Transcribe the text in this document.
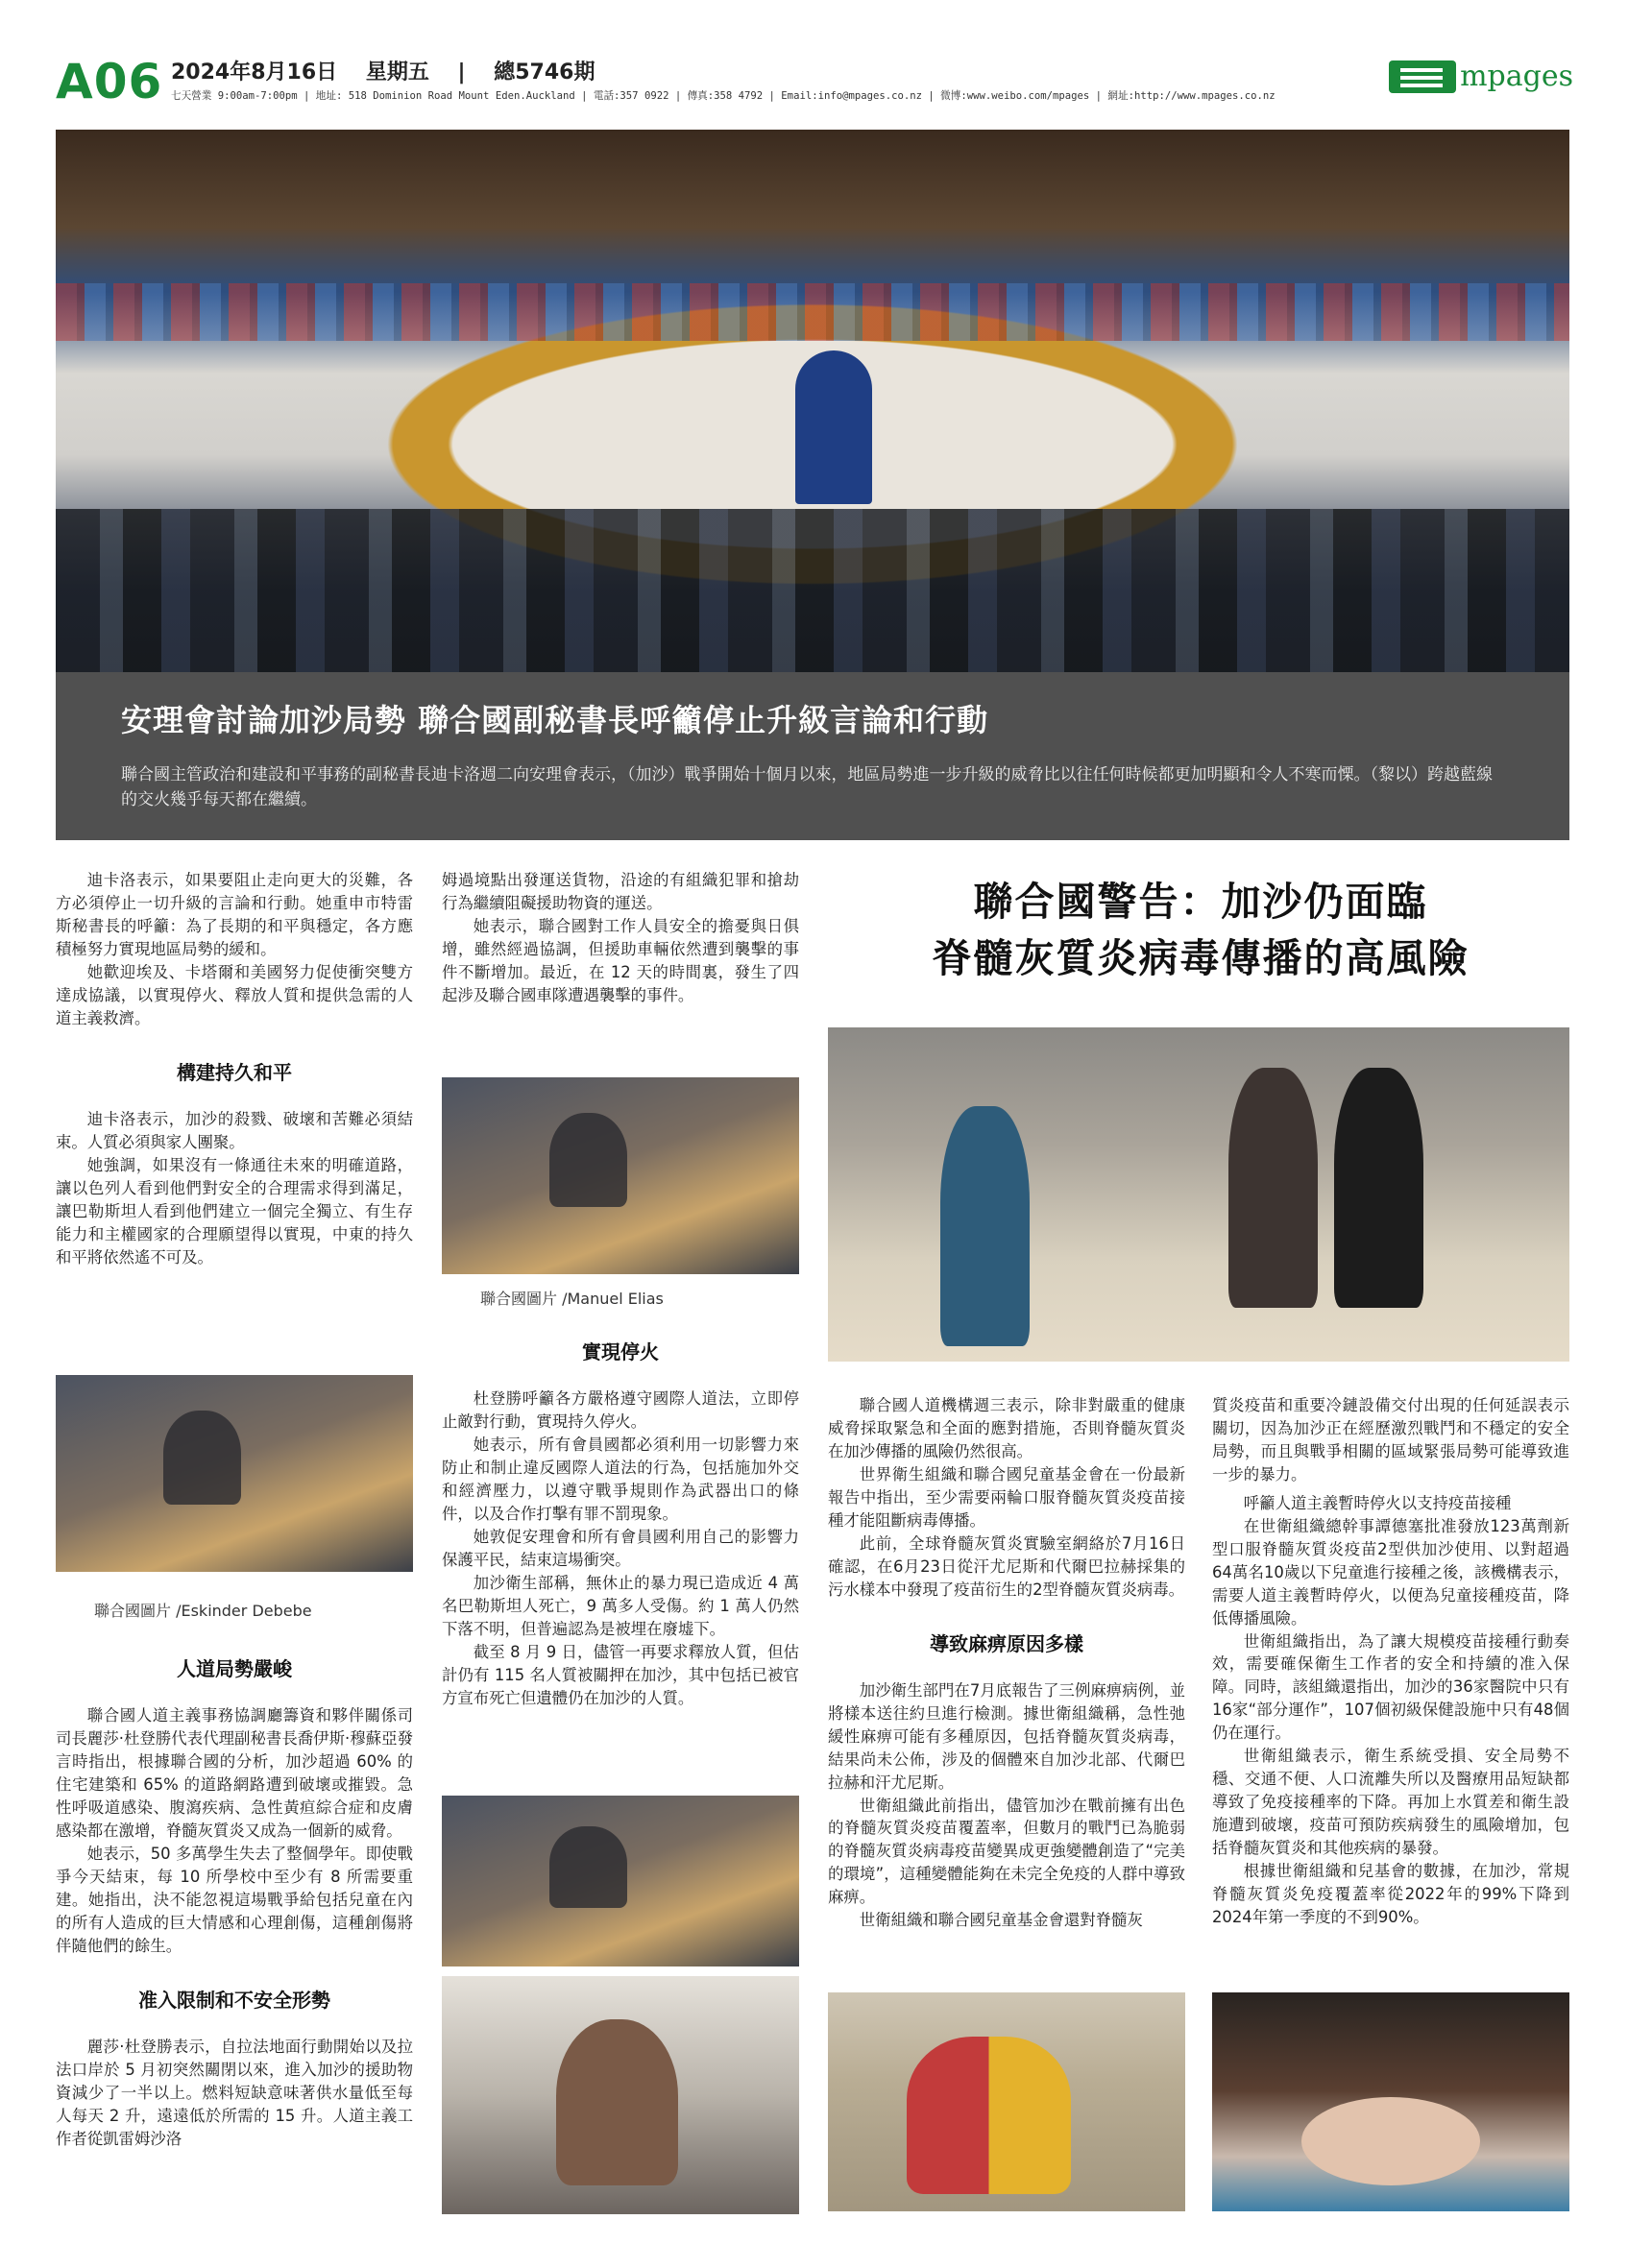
A06 2024年8月16日 星期五 | 總5746期
七天營業 9:00am-7:00pm | 地址: 518 Dominion Road Mount Eden.Auckland | 電話:357 0922 | 傳真:358 4792 | Email:info@mpages.co.nz | 微博:www.weibo.com/mpages | 網址:http://www.mpages.co.nz
mpages
安理會討論加沙局勢 聯合國副秘書長呼籲停止升級言論和行動

聯合國主管政治和建設和平事務的副秘書長迪卡洛週二向安理會表示，（加沙）戰爭開始十個月以來，地區局勢進一步升級的威脅比以往任何時候都更加明顯和令人不寒而慄。（黎以）跨越藍線的交火幾乎每天都在繼續。

迪卡洛表示，如果要阻止走向更大的災難，各方必須停止一切升級的言論和行動。她重申市特雷斯秘書長的呼籲：為了長期的和平與穩定，各方應積極努力實現地區局勢的緩和。

她歡迎埃及、卡塔爾和美國努力促使衝突雙方達成協議，以實現停火、釋放人質和提供急需的人道主義救濟。

構建持久和平

迪卡洛表示，加沙的殺戮、破壞和苦難必須結束。人質必須與家人團聚。

她強調，如果沒有一條通往未來的明確道路，讓以色列人看到他們對安全的合理需求得到滿足，讓巴勒斯坦人看到他們建立一個完全獨立、有生存能力和主權國家的合理願望得以實現，中東的持久和平將依然遙不可及。

聯合國圖片 /Eskinder Debebe
人道局勢嚴峻

聯合國人道主義事務協調廳籌資和夥伴關係司司長麗莎·杜登勝代表代理副秘書長喬伊斯·穆蘇亞發言時指出，根據聯合國的分析，加沙超過 60% 的住宅建築和 65% 的道路網路遭到破壞或摧毀。急性呼吸道感染、腹瀉疾病、急性黃疸綜合症和皮膚感染都在激增，脊髓灰質炎又成為一個新的威脅。

她表示，50 多萬學生失去了整個學年。即使戰爭今天結束，每 10 所學校中至少有 8 所需要重建。她指出，決不能忽視這場戰爭給包括兒童在內的所有人造成的巨大情感和心理創傷，這種創傷將伴隨他們的餘生。

准入限制和不安全形勢

麗莎·杜登勝表示，自拉法地面行動開始以及拉法口岸於 5 月初突然關閉以來，進入加沙的援助物資減少了一半以上。燃料短缺意味著供水量低至每人每天 2 升，遠遠低於所需的 15 升。人道主義工作者從凱雷姆沙洛

姆過境點出發運送貨物，沿途的有組織犯罪和搶劫行為繼續阻礙援助物資的運送。

她表示，聯合國對工作人員安全的擔憂與日俱增，雖然經過協調，但援助車輛依然遭到襲擊的事件不斷增加。最近，在 12 天的時間裏，發生了四起涉及聯合國車隊遭遇襲擊的事件。

聯合國圖片 /Manuel Elias
實現停火

杜登勝呼籲各方嚴格遵守國際人道法，立即停止敵對行動，實現持久停火。

她表示，所有會員國都必須利用一切影響力來防止和制止違反國際人道法的行為，包括施加外交和經濟壓力，以遵守戰爭規則作為武器出口的條件，以及合作打擊有罪不罰現象。

她敦促安理會和所有會員國利用自己的影響力保護平民，結束這場衝突。

加沙衛生部稱，無休止的暴力現已造成近 4 萬名巴勒斯坦人死亡，9 萬多人受傷。約 1 萬人仍然下落不明，但普遍認為是被埋在廢墟下。

截至 8 月 9 日，儘管一再要求釋放人質，但估計仍有 115 名人質被關押在加沙，其中包括已被官方宣布死亡但遺體仍在加沙的人質。

聯合國警告：加沙仍面臨
脊髓灰質炎病毒傳播的高風險

聯合國人道機構週三表示，除非對嚴重的健康威脅採取緊急和全面的應對措施，否則脊髓灰質炎在加沙傳播的風險仍然很高。

世界衛生組織和聯合國兒童基金會在一份最新報告中指出，至少需要兩輪口服脊髓灰質炎疫苗接種才能阻斷病毒傳播。

此前，全球脊髓灰質炎實驗室網絡於7月16日確認，在6月23日從汗尤尼斯和代爾巴拉赫採集的污水樣本中發現了疫苗衍生的2型脊髓灰質炎病毒。

導致麻痹原因多樣

加沙衛生部門在7月底報告了三例麻痹病例，並將樣本送往約旦進行檢測。據世衛組織稱，急性弛緩性麻痹可能有多種原因，包括脊髓灰質炎病毒，結果尚未公佈，涉及的個體來自加沙北部、代爾巴拉赫和汗尤尼斯。

世衛組織此前指出，儘管加沙在戰前擁有出色的脊髓灰質炎疫苗覆蓋率，但數月的戰鬥已為脆弱的脊髓灰質炎病毒疫苗變異成更強變體創造了“完美的環境”，這種變體能夠在未完全免疫的人群中導致麻痹。

世衛組織和聯合國兒童基金會還對脊髓灰

質炎疫苗和重要冷鏈設備交付出現的任何延誤表示關切，因為加沙正在經歷激烈戰鬥和不穩定的安全局勢，而且與戰爭相關的區域緊張局勢可能導致進一步的暴力。

呼籲人道主義暫時停火以支持疫苗接種

在世衛組織總幹事譚德塞批准發放123萬劑新型口服脊髓灰質炎疫苗2型供加沙使用、以對超過64萬名10歲以下兒童進行接種之後，該機構表示，需要人道主義暫時停火，以便為兒童接種疫苗，降低傳播風險。

世衛組織指出，為了讓大規模疫苗接種行動奏效，需要確保衛生工作者的安全和持續的准入保障。同時，該組織還指出，加沙的36家醫院中只有16家“部分運作”，107個初級保健設施中只有48個仍在運行。

世衛組織表示，衛生系統受損、安全局勢不穩、交通不便、人口流離失所以及醫療用品短缺都導致了免疫接種率的下降。再加上水質差和衛生設施遭到破壞，疫苗可預防疾病發生的風險增加，包括脊髓灰質炎和其他疾病的暴發。

根據世衛組織和兒基會的數據，在加沙，常規脊髓灰質炎免疫覆蓋率從2022年的99%下降到2024年第一季度的不到90%。
